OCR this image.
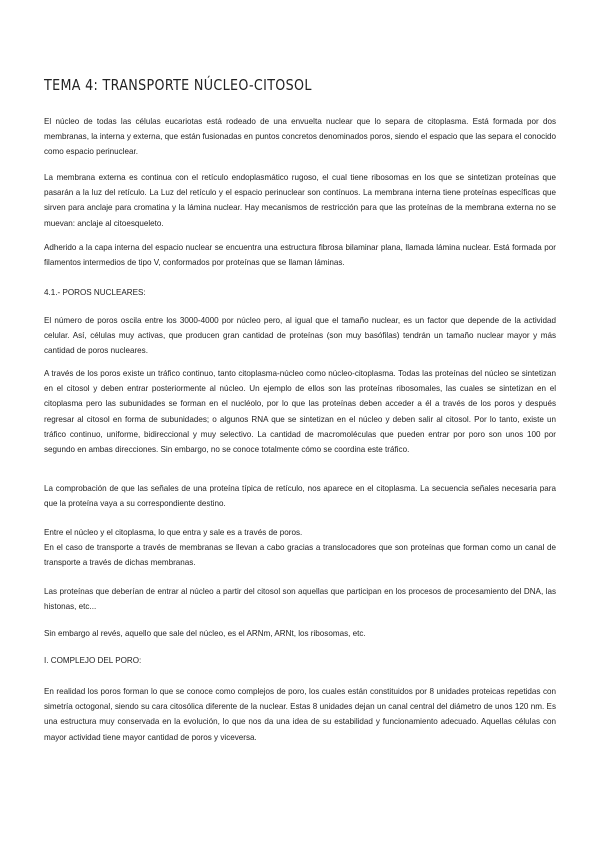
TEMA 4: TRANSPORTE NÚCLEO-CITOSOL

El núcleo de todas las células eucariotas está rodeado de una envuelta nuclear que lo separa de citoplasma. Está formada por dos membranas, la interna y externa, que están fusionadas en puntos concretos denominados poros, siendo el espacio que las separa el conocido como espacio perinuclear.

La membrana externa es continua con el retículo endoplasmático rugoso, el cual tiene ribosomas en los que se sintetizan proteínas que pasarán a la luz del retículo. La Luz del retículo y el espacio perinuclear son contínuos. La membrana interna tiene proteínas específicas que sirven para anclaje para cromatina y la lámina nuclear. Hay mecanismos de restricción para que las proteínas de la membrana externa no se muevan: anclaje al citoesqueleto.

Adherido a la capa interna del espacio nuclear se encuentra una estructura fibrosa bilaminar plana, llamada lámina nuclear. Está formada por filamentos intermedios de tipo V, conformados por proteínas que se llaman láminas.

4.1.- POROS NUCLEARES:

El número de poros oscila entre los 3000-4000 por núcleo pero, al igual que el tamaño nuclear, es un factor que depende de la actividad celular. Así, células muy activas, que producen gran cantidad de proteínas (son muy basófilas) tendrán un tamaño nuclear mayor y más cantidad de poros nucleares.

A través de los poros existe un tráfico continuo, tanto citoplasma-núcleo como núcleo-citoplasma. Todas las proteínas del núcleo se sintetizan en el citosol y deben entrar posteriormente al núcleo. Un ejemplo de ellos son las proteínas ribosomales, las cuales se sintetizan en el citoplasma pero las subunidades se forman en el nucléolo, por lo que las proteínas deben acceder a él a través de los poros y después regresar al citosol en forma de subunidades; o algunos RNA que se sintetizan en el núcleo y deben salir al citosol. Por lo tanto, existe un tráfico continuo, uniforme, bidireccional y muy selectivo. La cantidad de macromoléculas que pueden entrar por poro son unos 100 por segundo en ambas direcciones. Sin embargo, no se conoce totalmente cómo se coordina este tráfico.

La comprobación de que las señales de una proteína típica de retículo, nos aparece en el citoplasma. La secuencia señales necesaria para que la proteína vaya a su correspondiente destino.

Entre el núcleo y el citoplasma, lo que entra y sale es a través de poros.

En el caso de transporte a través de membranas se llevan a cabo gracias a translocadores que son proteínas que forman como un canal de transporte a través de dichas membranas.

Las proteínas que deberían de entrar al núcleo a partir del citosol son aquellas que participan en los procesos de procesamiento del DNA, las histonas, etc...

Sin embargo al revés, aquello que sale del núcleo, es el ARNm, ARNt, los ribosomas, etc.

I. COMPLEJO DEL PORO:

En realidad los poros forman lo que se conoce como complejos de poro, los cuales están constituidos por 8 unidades proteicas repetidas con simetría octogonal, siendo su cara citosólica diferente de la nuclear. Estas 8 unidades dejan un canal central del diámetro de unos 120 nm. Es una estructura muy conservada en la evolución, lo que nos da una idea de su estabilidad y funcionamiento adecuado. Aquellas células con mayor actividad tiene mayor cantidad de poros y viceversa.
